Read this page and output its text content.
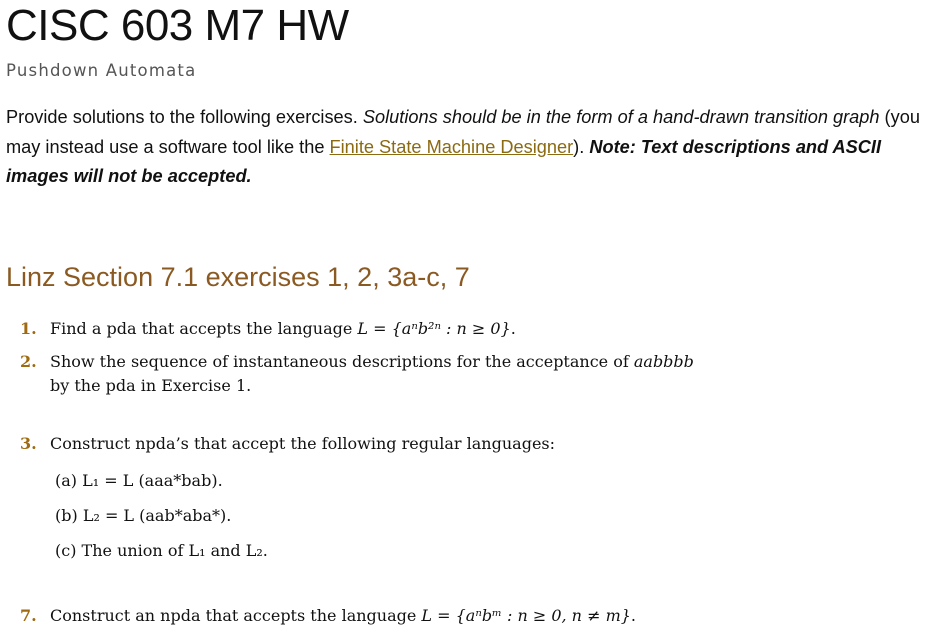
CISC 603 M7 HW
Pushdown Automata
Provide solutions to the following exercises. Solutions should be in the form of a hand-drawn transition graph (you may instead use a software tool like the Finite State Machine Designer). Note: Text descriptions and ASCII images will not be accepted.
Linz Section 7.1 exercises 1, 2, 3a-c, 7
1. Find a pda that accepts the language L = {aⁿb²ⁿ : n ≥ 0}.
2. Show the sequence of instantaneous descriptions for the acceptance of aabbbb
by the pda in Exercise 1.
3. Construct npda’s that accept the following regular languages:
(a) L₁ = L (aaa*bab).
(b) L₂ = L (aab*aba*).
(c) The union of L₁ and L₂.
7. Construct an npda that accepts the language L = {aⁿbᵐ : n ≥ 0, n ≠ m}.
